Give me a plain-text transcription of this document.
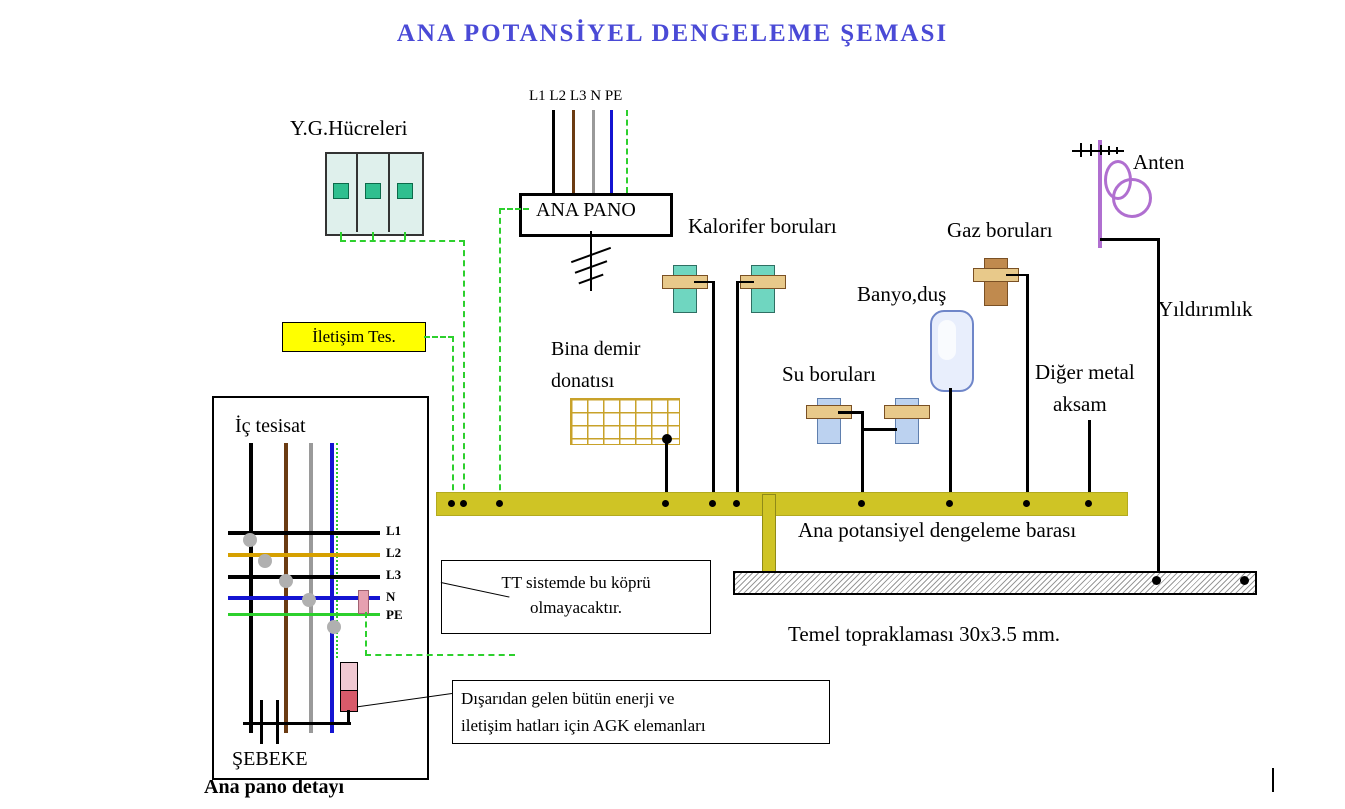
ANA POTANSİYEL DENGELEME ŞEMASI
Y.G.Hücreleri
L1 L2 L3 N PE
ANA PANO
İletişim Tes.
Bina demir
donatısı
Kalorifer boruları	Gaz boruları
Anten
Yıldırımlık
Banyo,duş
Su boruları	Diğer metal
aksam
Ana potansiyel dengeleme barası
Temel topraklaması 30x3.5 mm.
İç tesisat
L1
L2
L3
N
PE
ŞEBEKE
Ana pano detayı
TT sistemde bu köprü
olmayacaktır.
Dışarıdan gelen bütün enerji ve
iletişim hatları için AGK elemanları
